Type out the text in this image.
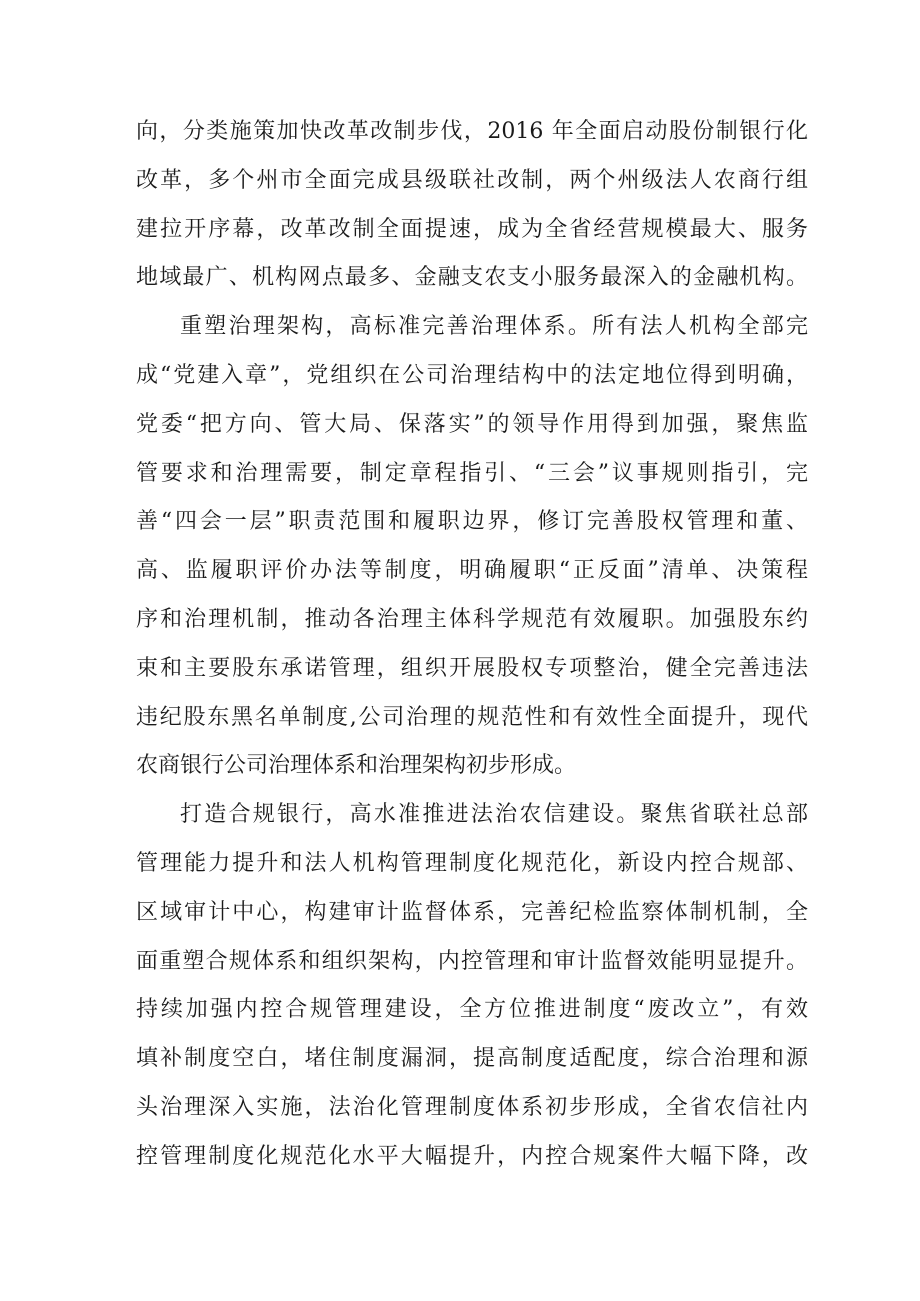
向，分类施策加快改革改制步伐，2016 年全面启动股份制银行化
改革，多个州市全面完成县级联社改制，两个州级法人农商行组
建拉开序幕，改革改制全面提速，成为全省经营规模最大、服务
地域最广、机构网点最多、金融支农支小服务最深入的金融机构。
重塑治理架构，高标准完善治理体系。所有法人机构全部完
成“党建入章”，党组织在公司治理结构中的法定地位得到明确，
党委“把方向、管大局、保落实”的领导作用得到加强，聚焦监
管要求和治理需要，制定章程指引、“三会”议事规则指引，完
善“四会一层”职责范围和履职边界，修订完善股权管理和董、
高、监履职评价办法等制度，明确履职“正反面”清单、决策程
序和治理机制，推动各治理主体科学规范有效履职。加强股东约
束和主要股东承诺管理，组织开展股权专项整治，健全完善违法
违纪股东黑名单制度,公司治理的规范性和有效性全面提升，现代
农商银行公司治理体系和治理架构初步形成。
打造合规银行，高水准推进法治农信建设。聚焦省联社总部
管理能力提升和法人机构管理制度化规范化，新设内控合规部、
区域审计中心，构建审计监督体系，完善纪检监察体制机制，全
面重塑合规体系和组织架构，内控管理和审计监督效能明显提升。
持续加强内控合规管理建设，全方位推进制度“废改立”，有效
填补制度空白，堵住制度漏洞，提高制度适配度，综合治理和源
头治理深入实施，法治化管理制度体系初步形成，全省农信社内
控管理制度化规范化水平大幅提升，内控合规案件大幅下降，改
